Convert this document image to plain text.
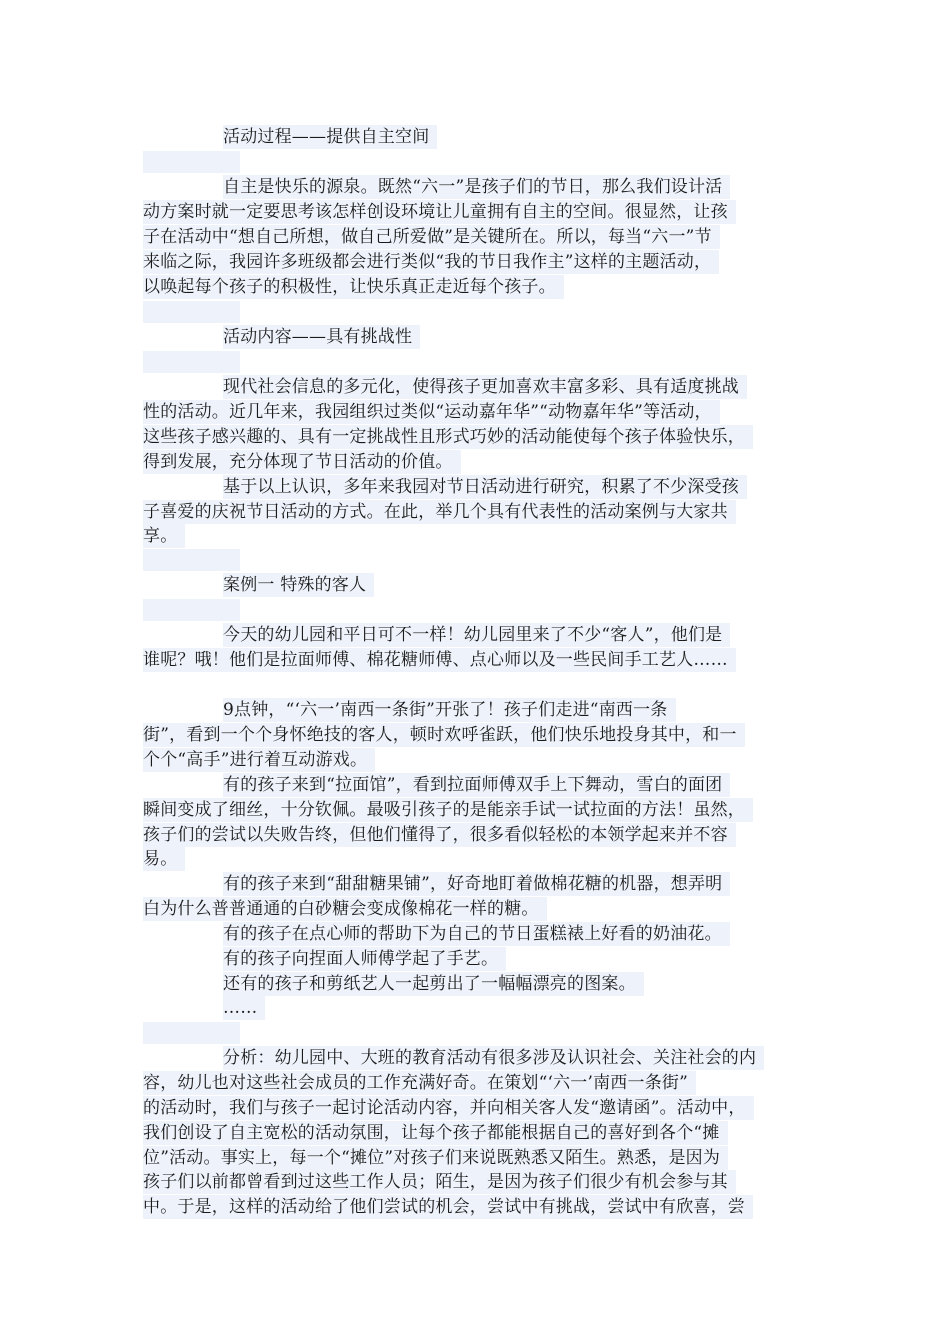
活动过程——提供自主空间
自主是快乐的源泉。既然“六一”是孩子们的节日，那么我们设计活
动方案时就一定要思考该怎样创设环境让儿童拥有自主的空间。很显然，让孩
子在活动中“想自己所想，做自己所爱做”是关键所在。所以，每当“六一”节
来临之际，我园许多班级都会进行类似“我的节日我作主”这样的主题活动，
以唤起每个孩子的积极性，让快乐真正走近每个孩子。
活动内容——具有挑战性
现代社会信息的多元化，使得孩子更加喜欢丰富多彩、具有适度挑战
性的活动。近几年来，我园组织过类似“运动嘉年华”“动物嘉年华”等活动，
这些孩子感兴趣的、具有一定挑战性且形式巧妙的活动能使每个孩子体验快乐，
得到发展，充分体现了节日活动的价值。
基于以上认识，多年来我园对节日活动进行研究，积累了不少深受孩
子喜爱的庆祝节日活动的方式。在此，举几个具有代表性的活动案例与大家共
享。
案例一 特殊的客人
今天的幼儿园和平日可不一样！幼儿园里来了不少“客人”，他们是
谁呢？哦！他们是拉面师傅、棉花糖师傅、点心师以及一些民间手工艺人……
9点钟，“‘六一’南西一条街”开张了！孩子们走进“南西一条
街”，看到一个个身怀绝技的客人，顿时欢呼雀跃，他们快乐地投身其中，和一
个个“高手”进行着互动游戏。
有的孩子来到“拉面馆”，看到拉面师傅双手上下舞动，雪白的面团
瞬间变成了细丝，十分钦佩。最吸引孩子的是能亲手试一试拉面的方法！虽然，
孩子们的尝试以失败告终，但他们懂得了，很多看似轻松的本领学起来并不容
易。
有的孩子来到“甜甜糖果铺”，好奇地盯着做棉花糖的机器，想弄明
白为什么普普通通的白砂糖会变成像棉花一样的糖。
有的孩子在点心师的帮助下为自己的节日蛋糕裱上好看的奶油花。
有的孩子向捏面人师傅学起了手艺。
还有的孩子和剪纸艺人一起剪出了一幅幅漂亮的图案。
……
分析：幼儿园中、大班的教育活动有很多涉及认识社会、关注社会的内
容，幼儿也对这些社会成员的工作充满好奇。在策划“‘六一’南西一条街”
的活动时，我们与孩子一起讨论活动内容，并向相关客人发“邀请函”。活动中，
我们创设了自主宽松的活动氛围，让每个孩子都能根据自己的喜好到各个“摊
位”活动。事实上，每一个“摊位”对孩子们来说既熟悉又陌生。熟悉，是因为
孩子们以前都曾看到过这些工作人员；陌生，是因为孩子们很少有机会参与其
中。于是，这样的活动给了他们尝试的机会，尝试中有挑战，尝试中有欣喜，尝
